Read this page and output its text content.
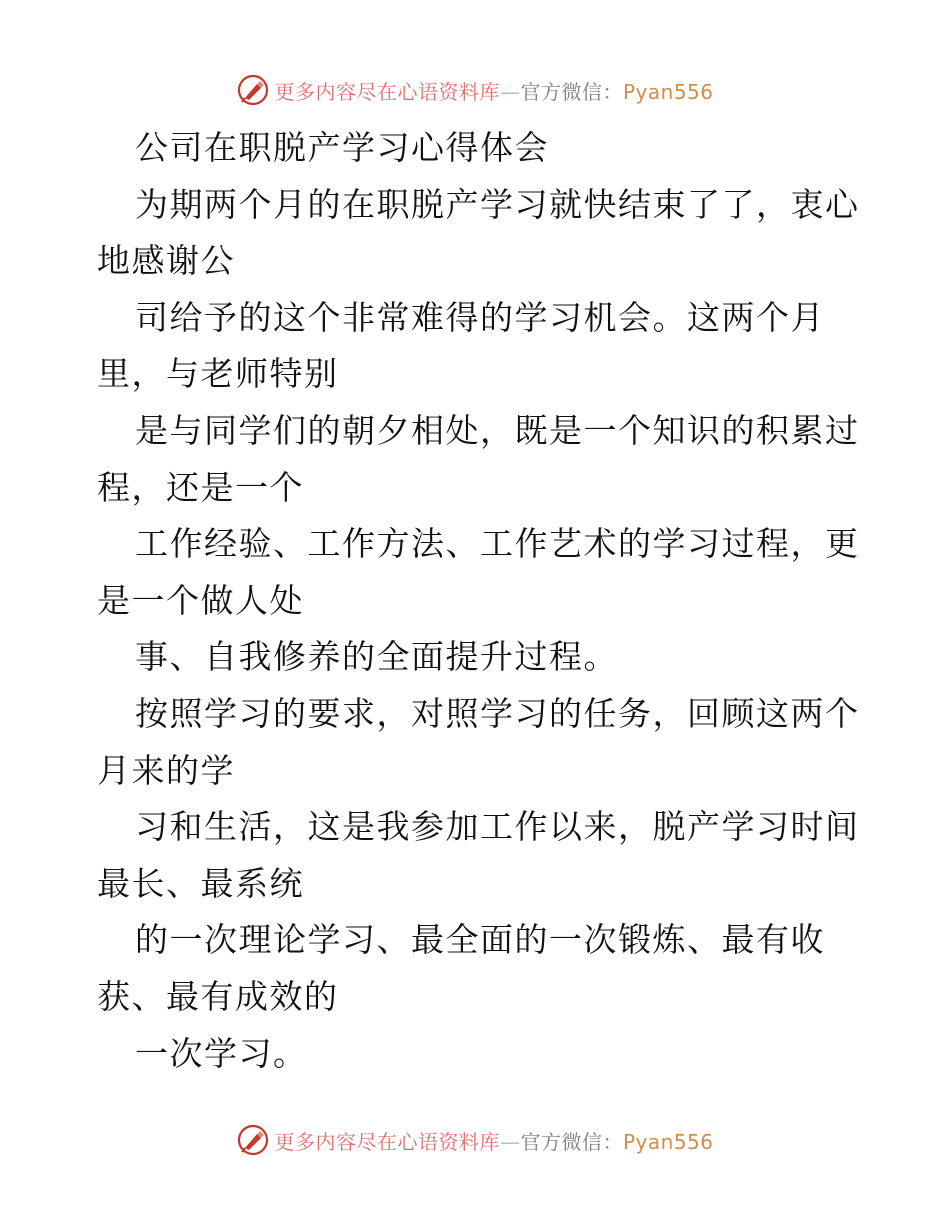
更多内容尽在心语资料库—官方微信：Pyan556
公司在职脱产学习心得体会
为期两个月的在职脱产学习就快结束了了，衷心
地感谢公
司给予的这个非常难得的学习机会。这两个月
里，与老师特别
是与同学们的朝夕相处，既是一个知识的积累过
程，还是一个
工作经验、工作方法、工作艺术的学习过程，更
是一个做人处
事、自我修养的全面提升过程。
按照学习的要求，对照学习的任务，回顾这两个
月来的学
习和生活，这是我参加工作以来，脱产学习时间
最长、最系统
的一次理论学习、最全面的一次锻炼、最有收
获、最有成效的
一次学习。
更多内容尽在心语资料库—官方微信：Pyan556
